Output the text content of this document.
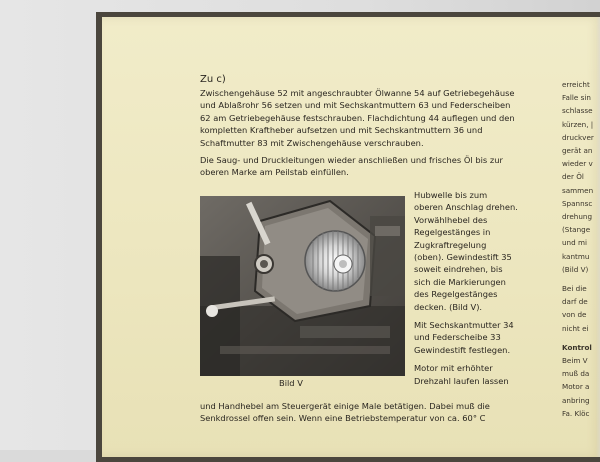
Zu c)

Zwischengehäuse 52 mit angeschraubter Ölwanne 54 auf Getriebegehäuse und Ablaßrohr 56 setzen und mit Sechskantmuttern 63 und Federscheiben 62 am Getriebegehäuse festschrauben. Flachdichtung 44 auflegen und den kompletten Kraftheber aufsetzen und mit Sechskantmuttern 36 und Schaftmutter 83 mit Zwischengehäuse verschrauben.

Die Saug- und Druckleitungen wieder anschließen und frisches Öl bis zur oberen Marke am Peilstab einfüllen.

Bild V

Hubwelle bis zum oberen Anschlag drehen. Vorwählhebel des Regelgestänges in Zugkraftregelung (oben). Gewindestift 35 soweit eindrehen, bis sich die Markierungen des Regelgestänges decken. (Bild V).

Mit Sechskantmutter 34 und Federscheibe 33 Gewindestift festlegen.

Motor mit erhöhter Drehzahl laufen lassen

und Handhebel am Steuergerät einige Male betätigen. Dabei muß die

Senkdrossel offen sein. Wenn eine Betriebstemperatur von ca. 60° C

erreicht
Falle sin
schlasse
kürzen, |
druckver
gerät an
wieder v
der Öl
sammen
Spannsc
drehung
(Stange
und mi
kantmu
(Bild V)
Bei die
darf de
von de
nicht ei
Kontrol
Beim V
muß da
Motor a
anbring
Fa. Klöc
